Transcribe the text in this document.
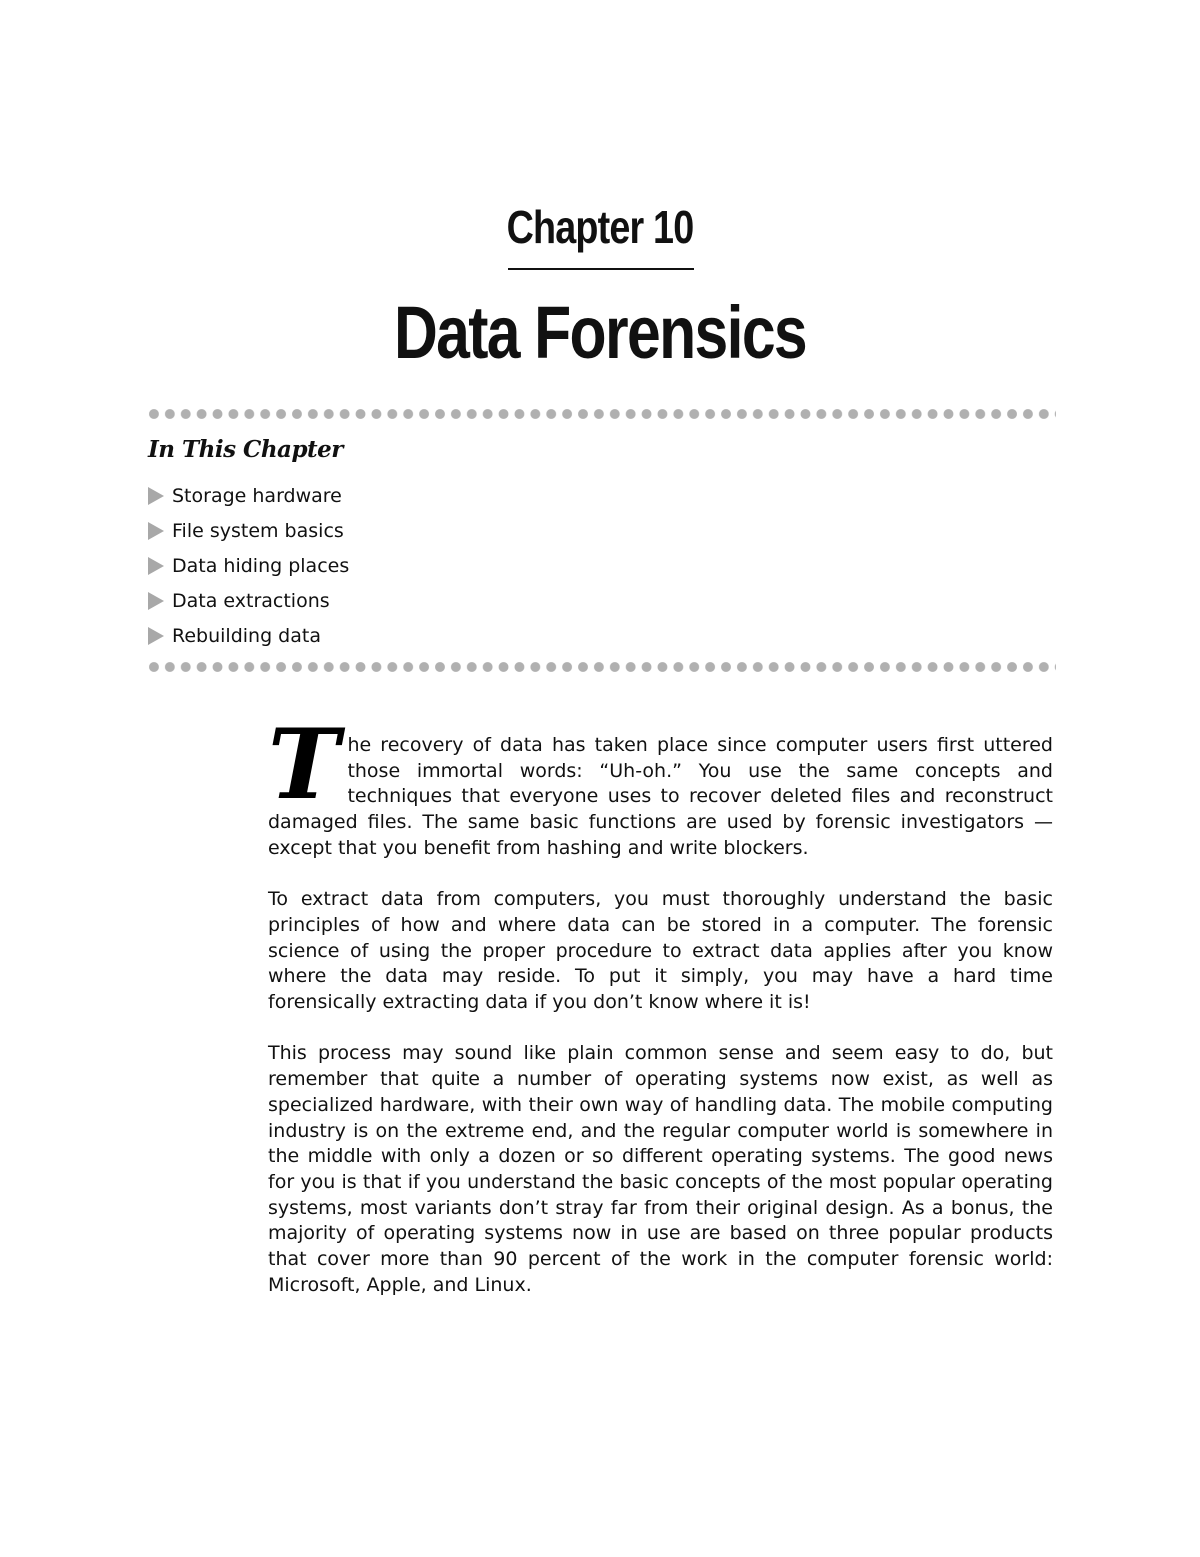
Chapter 10
Data Forensics
In This Chapter
Storage hardware
File system basics
Data hiding places
Data extractions
Rebuilding data

The recovery of data has taken place since computer users first uttered those immortal words: “Uh-oh.” You use the same concepts and techniques that everyone uses to recover deleted files and reconstruct damaged files. The same basic functions are used by forensic investigators — except that you benefit from hashing and write blockers.

To extract data from computers, you must thoroughly understand the basic principles of how and where data can be stored in a computer. The forensic science of using the proper procedure to extract data applies after you know where the data may reside. To put it simply, you may have a hard time forensically extracting data if you don’t know where it is!

This process may sound like plain common sense and seem easy to do, but remember that quite a number of operating systems now exist, as well as specialized hardware, with their own way of handling data. The mobile computing industry is on the extreme end, and the regular computer world is somewhere in the middle with only a dozen or so different operating systems. The good news for you is that if you understand the basic concepts of the most popular operating systems, most variants don’t stray far from their original design. As a bonus, the majority of operating systems now in use are based on three popular products that cover more than 90 percent of the work in the computer forensic world: Microsoft, Apple, and Linux.
